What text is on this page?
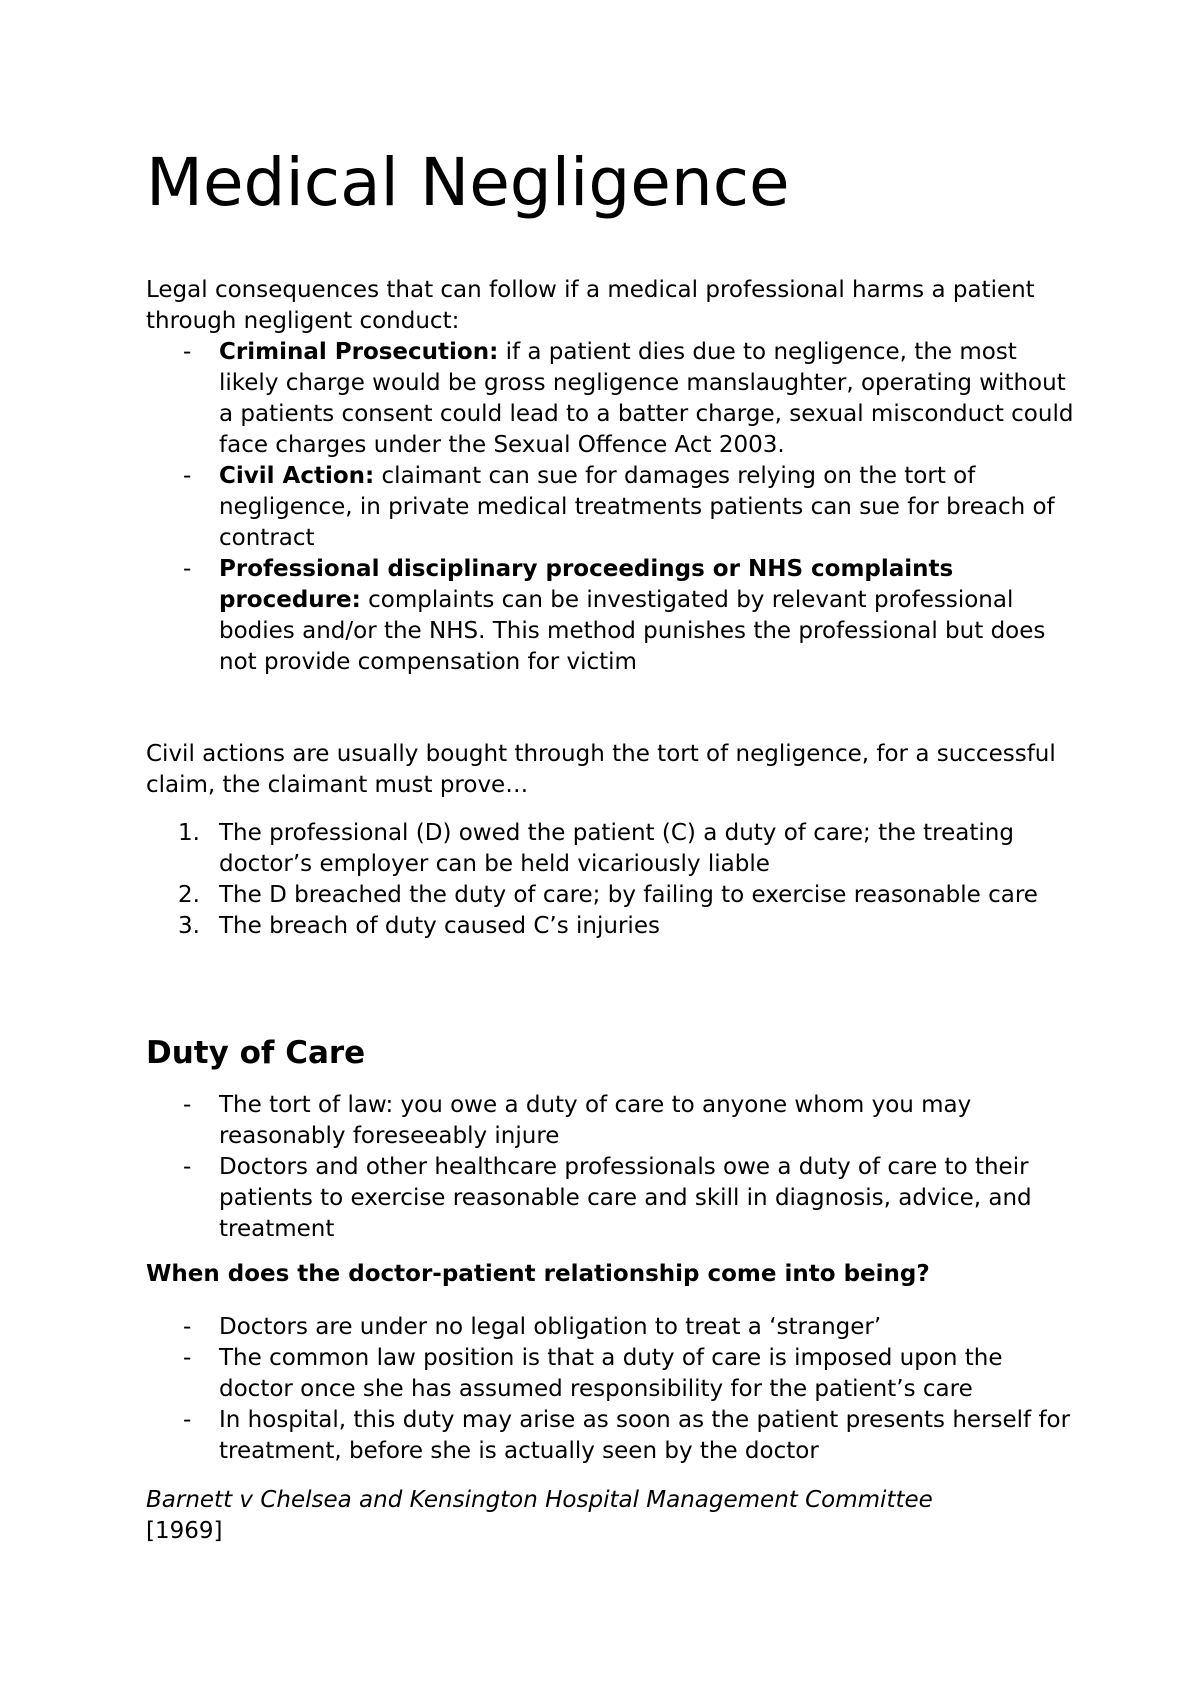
Medical Negligence

Legal consequences that can follow if a medical professional harms a patient through negligent conduct:

- Criminal Prosecution: if a patient dies due to negligence, the most likely charge would be gross negligence manslaughter, operating without a patients consent could lead to a batter charge, sexual misconduct could face charges under the Sexual Offence Act 2003.
- Civil Action: claimant can sue for damages relying on the tort of negligence, in private medical treatments patients can sue for breach of contract
- Professional disciplinary proceedings or NHS complaints procedure: complaints can be investigated by relevant professional bodies and/or the NHS. This method punishes the professional but does not provide compensation for victim

Civil actions are usually bought through the tort of negligence, for a successful claim, the claimant must prove…

1. The professional (D) owed the patient (C) a duty of care; the treating doctor’s employer can be held vicariously liable
2. The D breached the duty of care; by failing to exercise reasonable care
3. The breach of duty caused C’s injuries
Duty of Care
- The tort of law: you owe a duty of care to anyone whom you may reasonably foreseeably injure
- Doctors and other healthcare professionals owe a duty of care to their patients to exercise reasonable care and skill in diagnosis, advice, and treatment
When does the doctor-patient relationship come into being?
- Doctors are under no legal obligation to treat a ‘stranger’
- The common law position is that a duty of care is imposed upon the doctor once she has assumed responsibility for the patient’s care
- In hospital, this duty may arise as soon as the patient presents herself for treatment, before she is actually seen by the doctor

Barnett v Chelsea and Kensington Hospital Management Committee
[1969]
